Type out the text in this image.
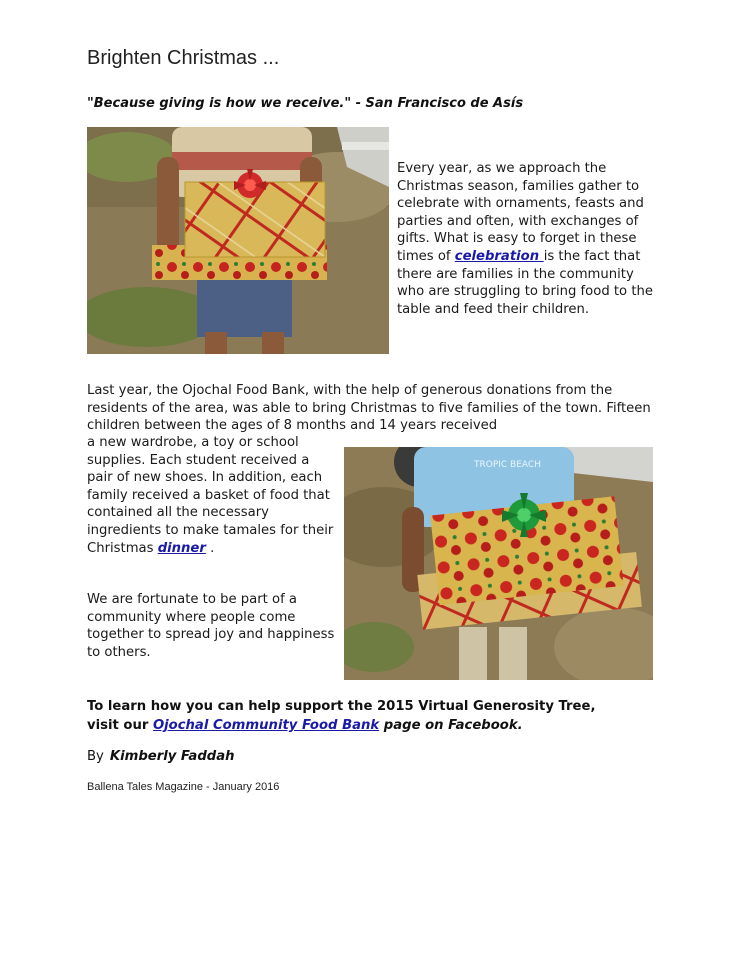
Brighten Christmas ...
"Because giving is how we receive." - San Francisco de Asís
Every year, as we approach the Christmas season, families gather to celebrate with ornaments, feasts and parties and often, with exchanges of gifts. What is easy to forget in these times of celebration is the fact that there are families in the community who are struggling to bring food to the table and feed their children.
Last year, the Ojochal Food Bank, with the help of generous donations from the residents of the area, was able to bring Christmas to five families of the town. Fifteen children between the ages of 8 months and 14 years received
a new wardrobe, a toy or school supplies. Each student received a pair of new shoes. In addition, each family received a basket of food that contained all the necessary ingredients to make tamales for their Christmas dinner .
We are fortunate to be part of a community where people come together to spread joy and happiness to others.
TROPIC BEACH
To learn how you can help support the 2015 Virtual Generosity Tree,
visit our Ojochal Community Food Bank page on Facebook.
By Kimberly Faddah
Ballena Tales Magazine - January 2016
